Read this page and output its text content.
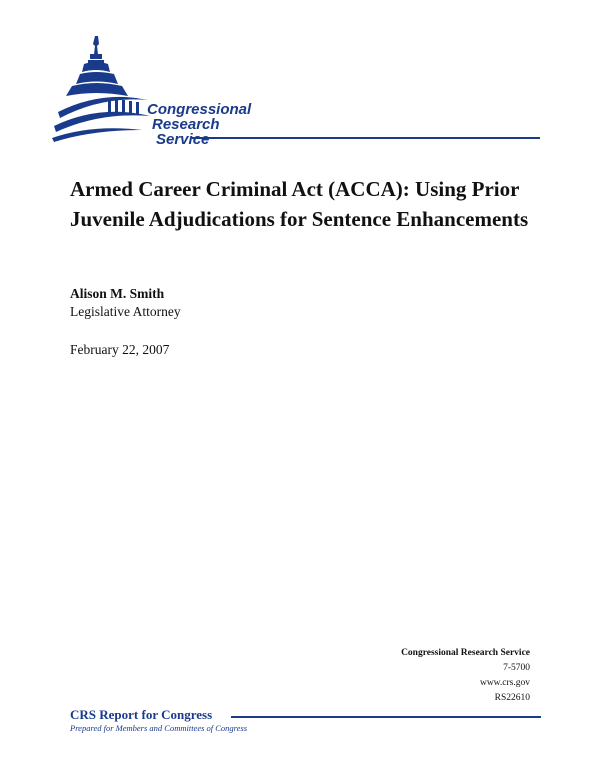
Congressional
Research
Service
Armed Career Criminal Act (ACCA): Using Prior Juvenile Adjudications for Sentence Enhancements
Alison M. Smith
Legislative Attorney
February 22, 2007
Congressional Research Service
7-5700
www.crs.gov
RS22610
CRS Report for Congress
Prepared for Members and Committees of Congress
